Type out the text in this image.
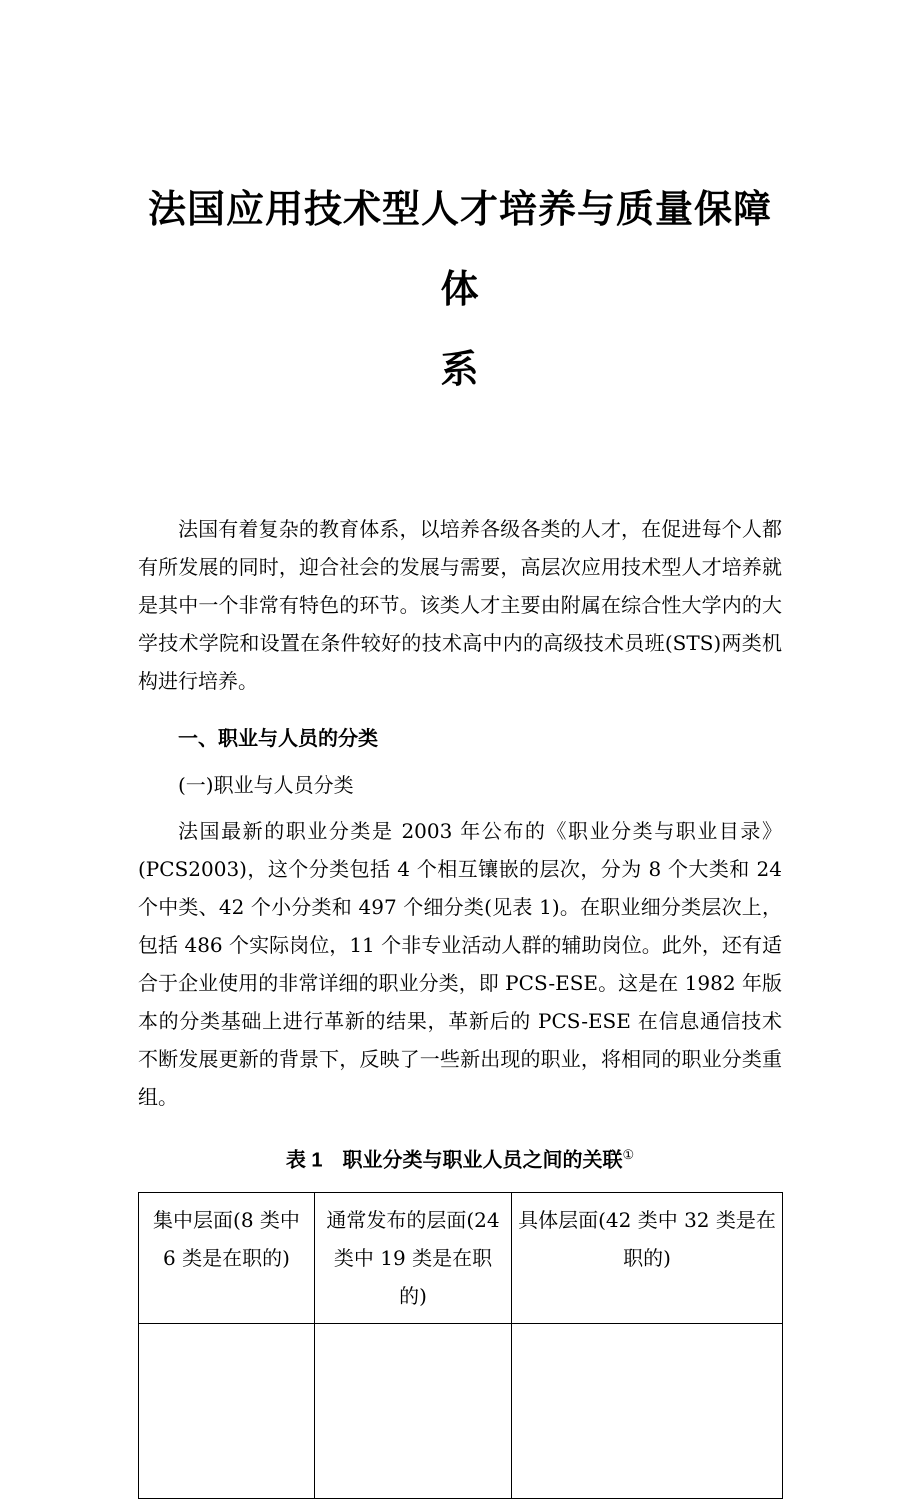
法国应用技术型人才培养与质量保障体
系

法国有着复杂的教育体系，以培养各级各类的人才，在促进每个人都有所发展的同时，迎合社会的发展与需要，高层次应用技术型人才培养就是其中一个非常有特色的环节。该类人才主要由附属在综合性大学内的大学技术学院和设置在条件较好的技术高中内的高级技术员班(STS)两类机构进行培养。

一、职业与人员的分类
(一)职业与人员分类

法国最新的职业分类是 2003 年公布的《职业分类与职业目录》(PCS2003)，这个分类包括 4 个相互镶嵌的层次，分为 8 个大类和 24 个中类、42 个小分类和 497 个细分类(见表 1)。在职业细分类层次上，包括 486 个实际岗位，11 个非专业活动人群的辅助岗位。此外，还有适合于企业使用的非常详细的职业分类，即 PCS-ESE。这是在 1982 年版本的分类基础上进行革新的结果，革新后的 PCS-ESE 在信息通信技术不断发展更新的背景下，反映了一些新出现的职业，将相同的职业分类重组。

表 1　职业分类与职业人员之间的关联①
集中层面(8 类中 6 类是在职的)	通常发布的层面(24 类中 19 类是在职的)	具体层面(42 类中 32 类是在职的)
